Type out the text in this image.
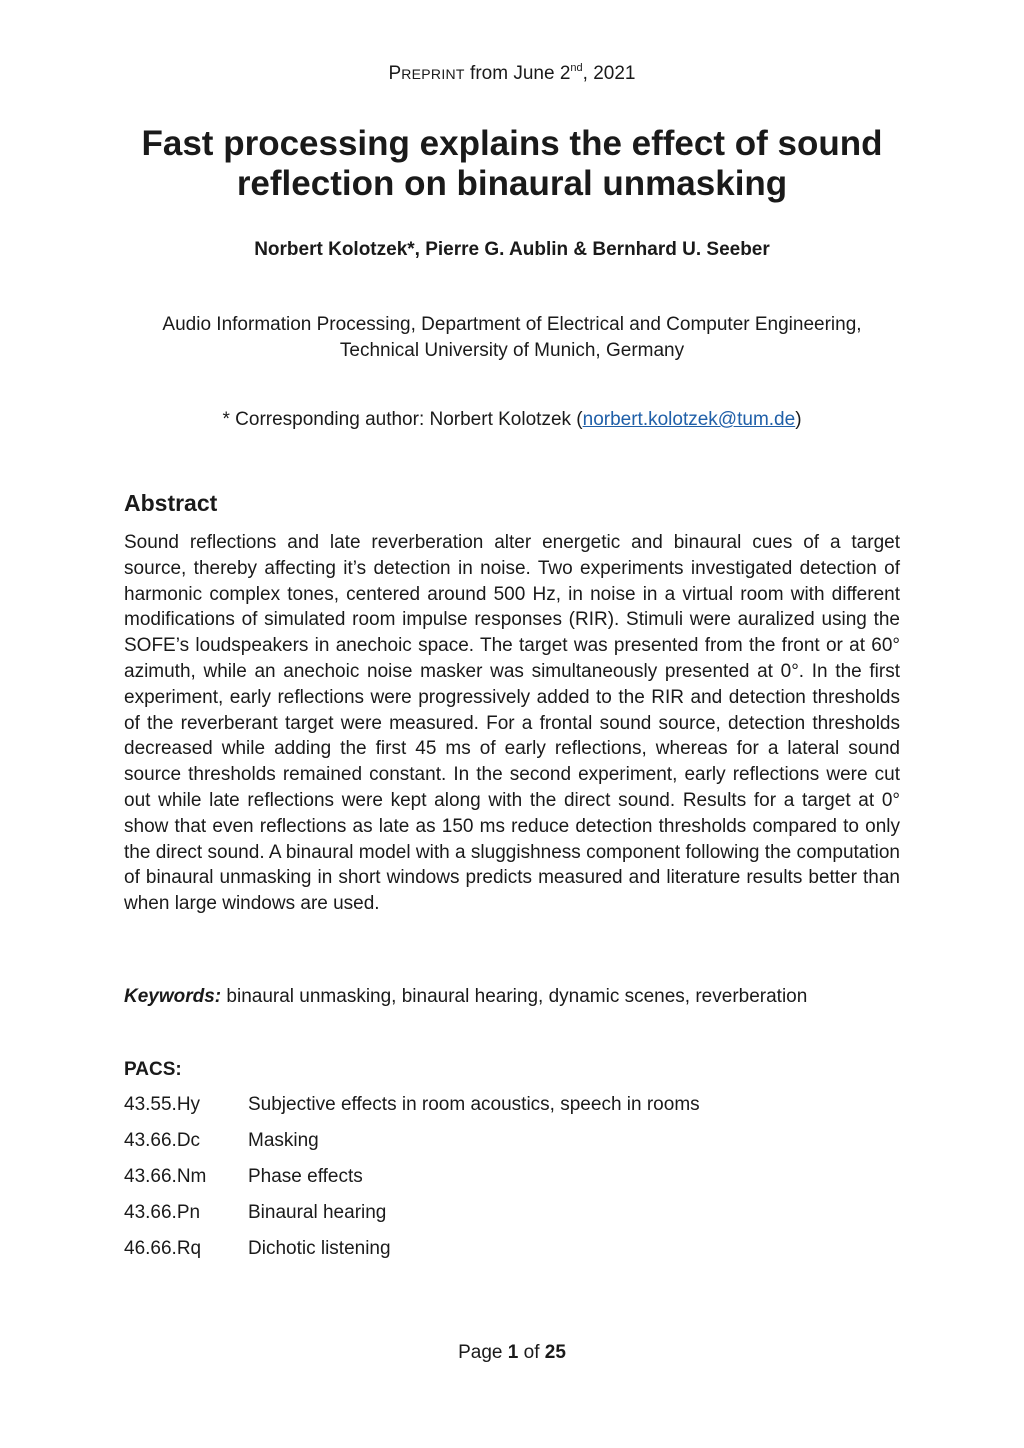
PREPRINT from June 2nd, 2021
Fast processing explains the effect of sound reflection on binaural unmasking
Norbert Kolotzek*, Pierre G. Aublin & Bernhard U. Seeber
Audio Information Processing, Department of Electrical and Computer Engineering,
Technical University of Munich, Germany
* Corresponding author: Norbert Kolotzek (norbert.kolotzek@tum.de)
Abstract

Sound reflections and late reverberation alter energetic and binaural cues of a target source, thereby affecting it’s detection in noise. Two experiments investigated detection of harmonic complex tones, centered around 500 Hz, in noise in a virtual room with different modifications of simulated room impulse responses (RIR). Stimuli were auralized using the SOFE’s loudspeakers in anechoic space. The target was presented from the front or at 60° azimuth, while an anechoic noise masker was simultaneously presented at 0°. In the first experiment, early reflections were progressively added to the RIR and detection thresholds of the reverberant target were measured. For a frontal sound source, detection thresholds decreased while adding the first 45 ms of early reflections, whereas for a lateral sound source thresholds remained constant. In the second experiment, early reflections were cut out while late reflections were kept along with the direct sound. Results for a target at 0° show that even reflections as late as 150 ms reduce detection thresholds compared to only the direct sound. A binaural model with a sluggishness component following the computation of binaural unmasking in short windows predicts measured and literature results better than when large windows are used.

Keywords: binaural unmasking, binaural hearing, dynamic scenes, reverberation
PACS:
43.55.Hy	Subjective effects in room acoustics, speech in rooms
43.66.Dc	Masking
43.66.Nm	Phase effects
43.66.Pn	Binaural hearing
46.66.Rq	Dichotic listening
Page 1 of 25
